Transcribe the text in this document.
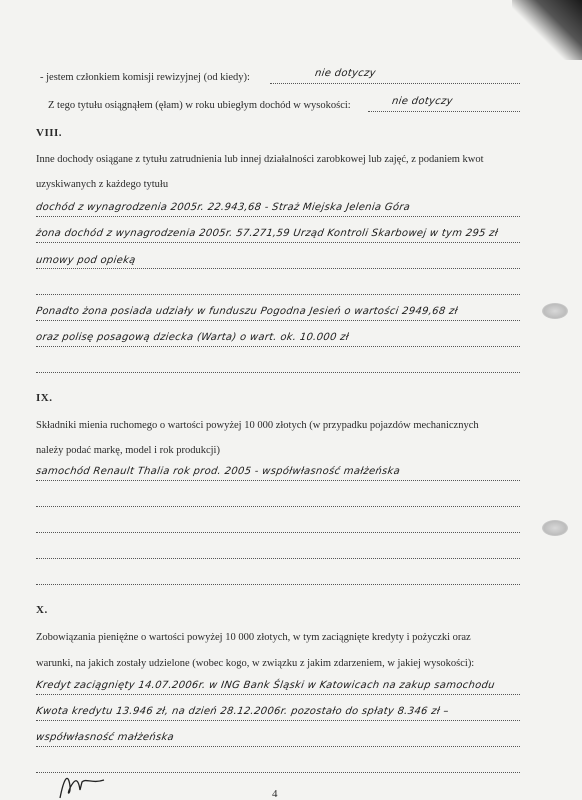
- jestem członkiem komisji rewizyjnej (od kiedy):	nie dotyczy
Z tego tytułu osiągnąłem (ęłam) w roku ubiegłym dochód w wysokości:	nie dotyczy
VIII.
Inne dochody osiągane z tytułu zatrudnienia lub innej działalności zarobkowej lub zajęć, z podaniem kwot
uzyskiwanych z każdego tytułu
dochód z wynagrodzenia 2005r. 22.943,68 - Straż Miejska Jelenia Góra
żona dochód z wynagrodzenia 2005r. 57.271,59 Urząd Kontroli Skarbowej w tym 295 zł
umowy pod opieką
Ponadto żona posiada udziały w funduszu Pogodna Jesień o wartości 2949,68 zł
oraz polisę posagową dziecka (Warta) o wart. ok. 10.000 zł
IX.
Składniki mienia ruchomego o wartości powyżej 10 000 złotych (w przypadku pojazdów mechanicznych
należy podać markę, model i rok produkcji)
samochód Renault Thalia rok prod. 2005 - współwłasność małżeńska
X.
Zobowiązania pieniężne o wartości powyżej 10 000 złotych, w tym zaciągnięte kredyty i pożyczki oraz
warunki, na jakich zostały udzielone (wobec kogo, w związku z jakim zdarzeniem, w jakiej wysokości):
Kredyt zaciągnięty 14.07.2006r. w ING Bank Śląski w Katowicach na zakup samochodu
Kwota kredytu 13.946 zł, na dzień 28.12.2006r. pozostało do spłaty 8.346 zł –
współwłasność małżeńska
4
